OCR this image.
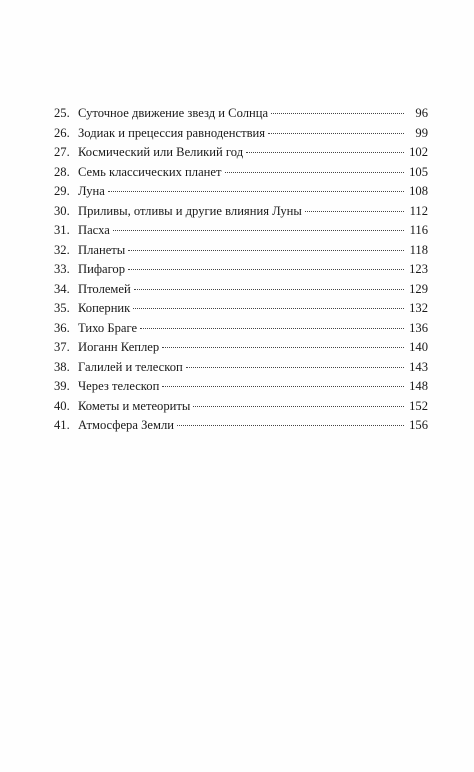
25. Суточное движение звезд и Солнца	96
26. Зодиак и прецессия равноденствия	99
27. Космический или Великий год	102
28. Семь классических планет	105
29. Луна	108
30. Приливы, отливы и другие влияния Луны	112
31. Пасха	116
32. Планеты	118
33. Пифагор	123
34. Птолемей	129
35. Коперник	132
36. Тихо Браге	136
37. Иоганн Кеплер	140
38. Галилей и телескоп	143
39. Через телескоп	148
40. Кометы и метеориты	152
41. Атмосфера Земли	156
